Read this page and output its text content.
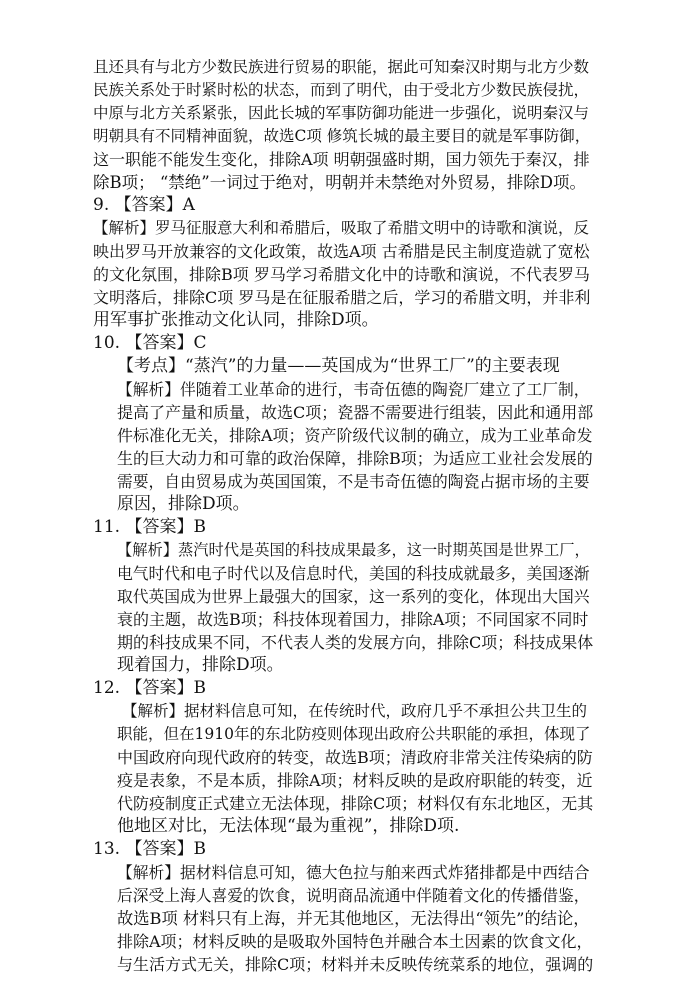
且还具有与北方少数民族进行贸易的职能，据此可知秦汉时期与北方少数
民族关系处于时紧时松的状态，而到了明代，由于受北方少数民族侵扰，
中原与北方关系紧张，因此长城的军事防御功能进一步强化，说明秦汉与
明朝具有不同精神面貌，故选C项 修筑长城的最主要目的就是军事防御，
这一职能不能发生变化，排除A项 明朝强盛时期，国力领先于秦汉，排
除B项； “禁绝”一词过于绝对，明朝并未禁绝对外贸易，排除D项。
9. 【答案】A
【解析】罗马征服意大利和希腊后，吸取了希腊文明中的诗歌和演说，反
映出罗马开放兼容的文化政策，故选A项 古希腊是民主制度造就了宽松
的文化氛围，排除B项 罗马学习希腊文化中的诗歌和演说，不代表罗马
文明落后，排除C项 罗马是在征服希腊之后，学习的希腊文明，并非利
用军事扩张推动文化认同，排除D项。
10. 【答案】C
【考点】“蒸汽”的力量——英国成为“世界工厂”的主要表现
【解析】伴随着工业革命的进行，韦奇伍德的陶瓷厂建立了工厂制，
提高了产量和质量，故选C项；瓷器不需要进行组装，因此和通用部
件标准化无关，排除A项；资产阶级代议制的确立，成为工业革命发
生的巨大动力和可靠的政治保障，排除B项；为适应工业社会发展的
需要，自由贸易成为英国国策，不是韦奇伍德的陶瓷占据市场的主要
原因，排除D项。
11. 【答案】B
【解析】蒸汽时代是英国的科技成果最多，这一时期英国是世界工厂，
电气时代和电子时代以及信息时代，美国的科技成就最多，美国逐渐
取代英国成为世界上最强大的国家，这一系列的变化，体现出大国兴
衰的主题，故选B项；科技体现着国力，排除A项；不同国家不同时
期的科技成果不同，不代表人类的发展方向，排除C项；科技成果体
现着国力，排除D项。
12. 【答案】B
【解析】据材料信息可知，在传统时代，政府几乎不承担公共卫生的
职能，但在1910年的东北防疫则体现出政府公共职能的承担，体现了
中国政府向现代政府的转变，故选B项；清政府非常关注传染病的防
疫是表象，不是本质，排除A项；材料反映的是政府职能的转变，近
代防疫制度正式建立无法体现，排除C项；材料仅有东北地区，无其
他地区对比，无法体现“最为重视”，排除D项.
13. 【答案】B
【解析】据材料信息可知，德大色拉与舶来西式炸猪排都是中西结合
后深受上海人喜爱的饮食，说明商品流通中伴随着文化的传播借鉴，
故选B项 材料只有上海，并无其他地区，无法得出“领先”的结论，
排除A项；材料反映的是吸取外国特色并融合本土因素的饮食文化，
与生活方式无关，排除C项；材料并未反映传统菜系的地位，强调的
